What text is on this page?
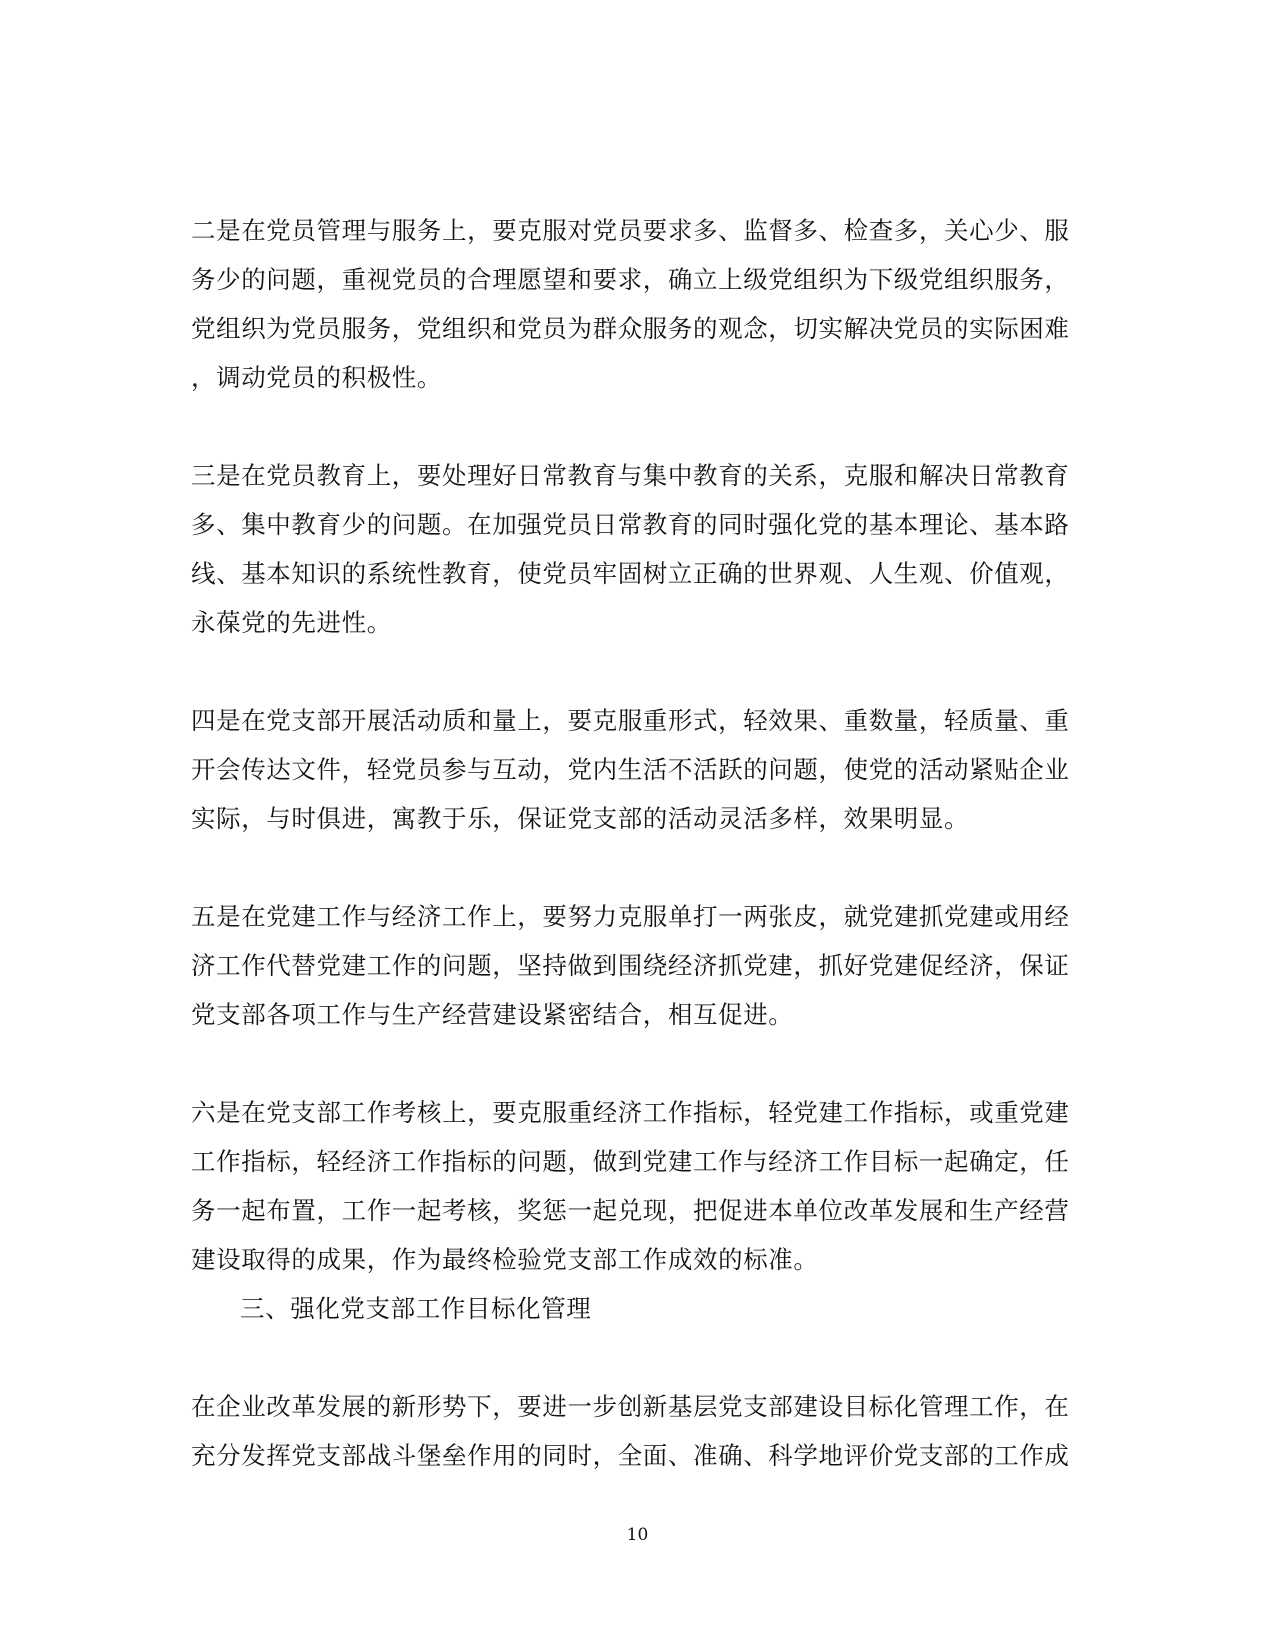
二是在党员管理与服务上，要克服对党员要求多、监督多、检查多，关心少、服
务少的问题，重视党员的合理愿望和要求，确立上级党组织为下级党组织服务，
党组织为党员服务，党组织和党员为群众服务的观念，切实解决党员的实际困难
，调动党员的积极性。

三是在党员教育上，要处理好日常教育与集中教育的关系，克服和解决日常教育
多、集中教育少的问题。在加强党员日常教育的同时强化党的基本理论、基本路
线、基本知识的系统性教育，使党员牢固树立正确的世界观、人生观、价值观，
永葆党的先进性。

四是在党支部开展活动质和量上，要克服重形式，轻效果、重数量，轻质量、重
开会传达文件，轻党员参与互动，党内生活不活跃的问题，使党的活动紧贴企业
实际，与时俱进，寓教于乐，保证党支部的活动灵活多样，效果明显。

五是在党建工作与经济工作上，要努力克服单打一两张皮，就党建抓党建或用经
济工作代替党建工作的问题，坚持做到围绕经济抓党建，抓好党建促经济，保证
党支部各项工作与生产经营建设紧密结合，相互促进。

六是在党支部工作考核上，要克服重经济工作指标，轻党建工作指标，或重党建
工作指标，轻经济工作指标的问题，做到党建工作与经济工作目标一起确定，任
务一起布置，工作一起考核，奖惩一起兑现，把促进本单位改革发展和生产经营
建设取得的成果，作为最终检验党支部工作成效的标准。

三、强化党支部工作目标化管理

在企业改革发展的新形势下，要进一步创新基层党支部建设目标化管理工作，在
充分发挥党支部战斗堡垒作用的同时，全面、准确、科学地评价党支部的工作成

10
